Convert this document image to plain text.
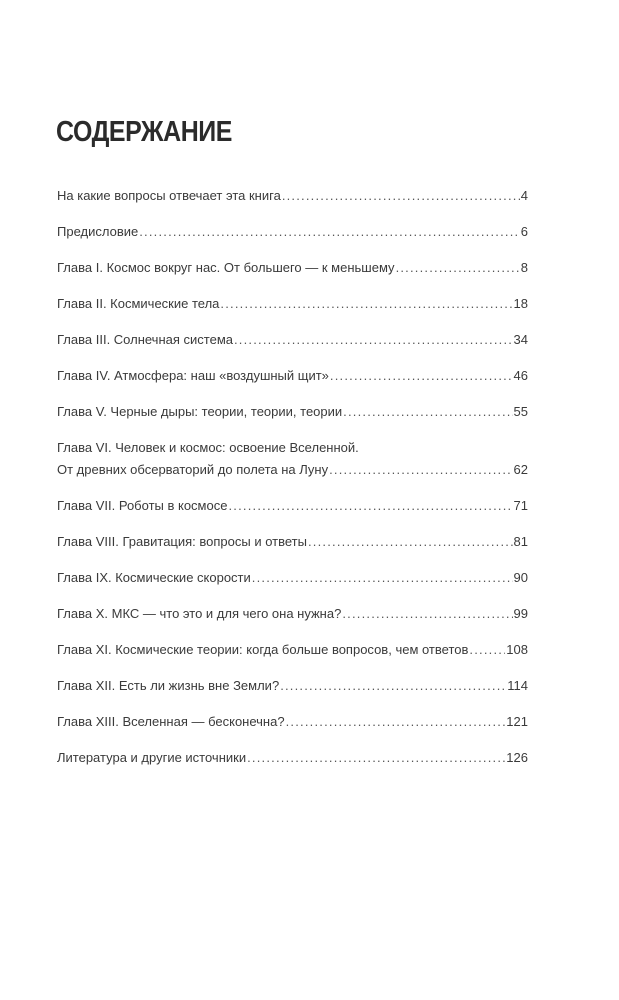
СОДЕРЖАНИЕ
На какие вопросы отвечает эта книга .....	4
Предисловие .....	6
Глава I. Космос вокруг нас. От большего — к меньшему .....	8
Глава II. Космические тела .....	18
Глава III. Солнечная система .....	34
Глава IV. Атмосфера: наш «воздушный щит» .....	46
Глава V. Черные дыры: теории, теории, теории .....	55
Глава VI. Человек и космос: освоение Вселенной.
От древних обсерваторий до полета на Луну .....	62
Глава VII. Роботы в космосе .....	71
Глава VIII. Гравитация: вопросы и ответы .....	81
Глава IX. Космические скорости .....	90
Глава X. МКС — что это и для чего она нужна? .....	99
Глава XI. Космические теории: когда больше вопросов, чем ответов .....	108
Глава XII. Есть ли жизнь вне Земли? .....	114
Глава XIII. Вселенная — бесконечна? .....	121
Литература и другие источники .....	126
